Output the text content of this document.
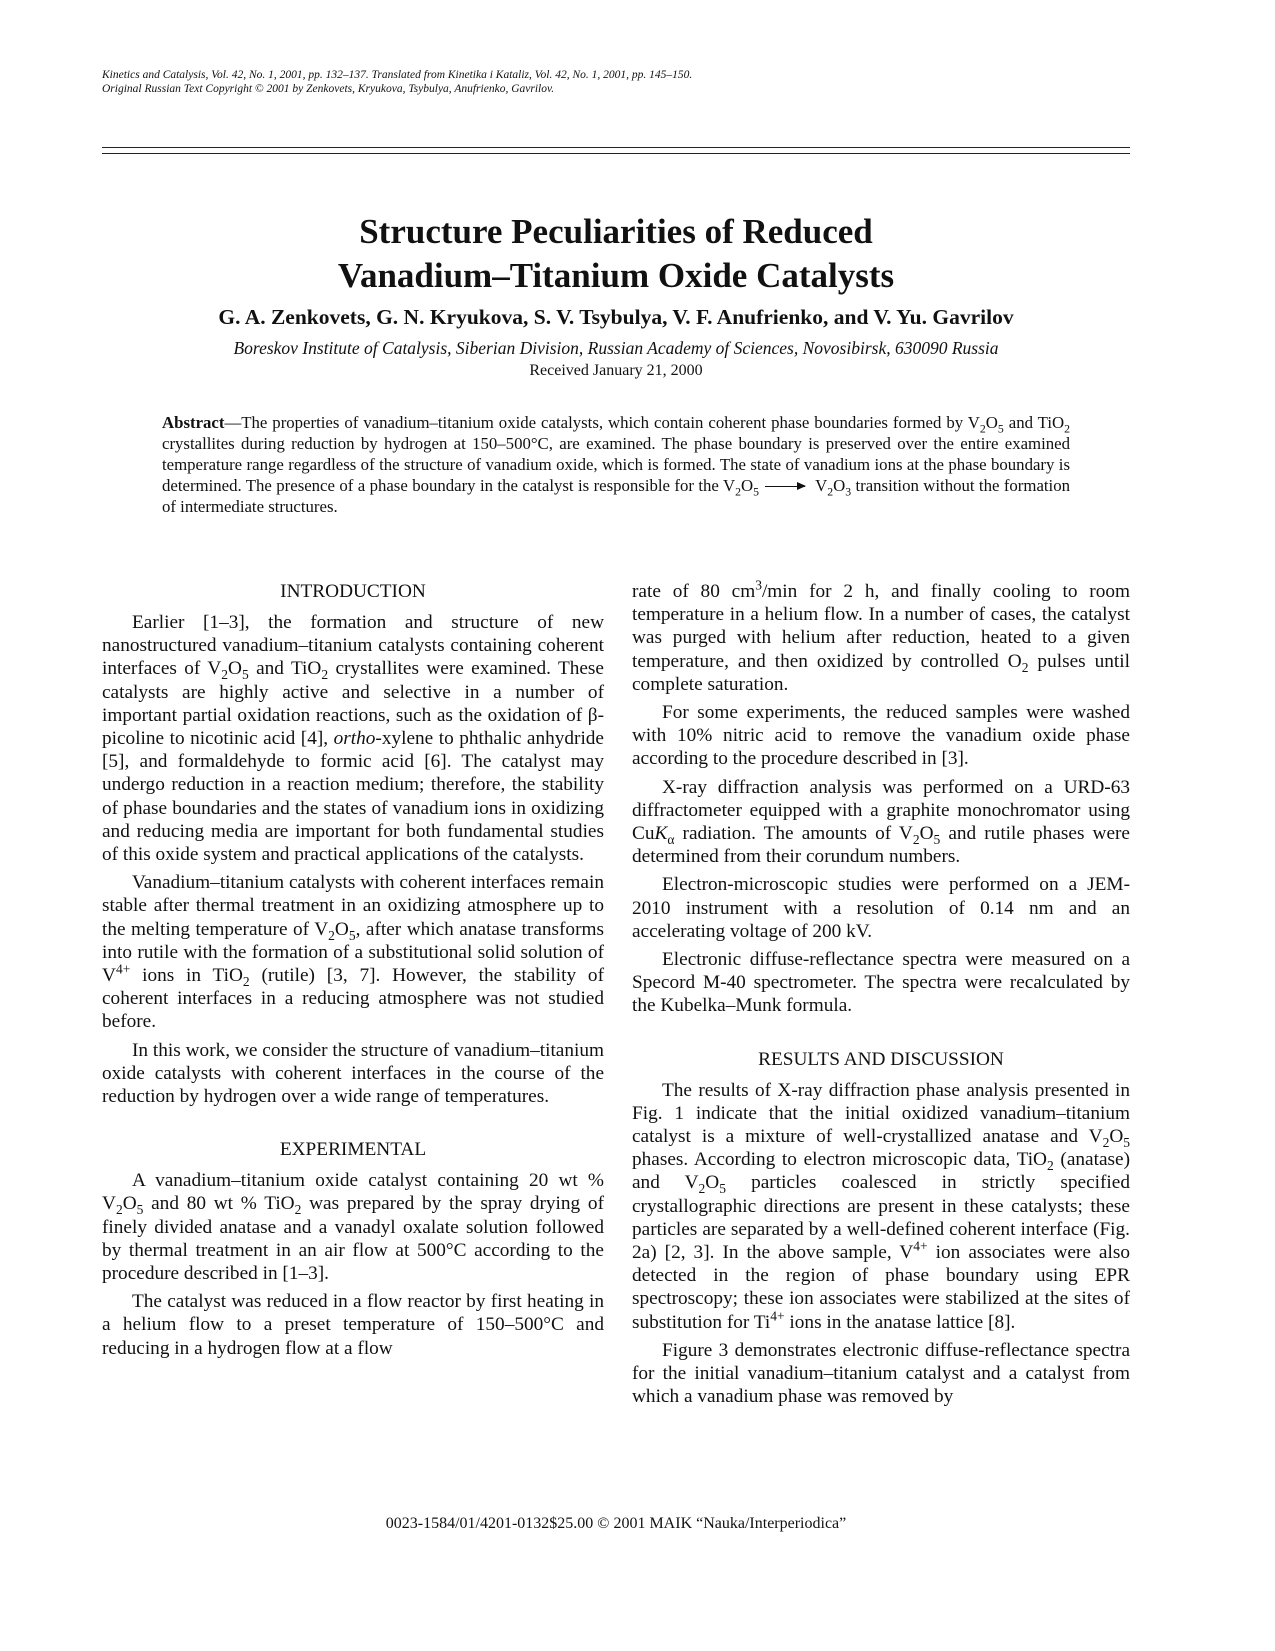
Kinetics and Catalysis, Vol. 42, No. 1, 2001, pp. 132–137. Translated from Kinetika i Kataliz, Vol. 42, No. 1, 2001, pp. 145–150.
Original Russian Text Copyright © 2001 by Zenkovets, Kryukova, Tsybulya, Anufrienko, Gavrilov.
Structure Peculiarities of Reduced
Vanadium–Titanium Oxide Catalysts
G. A. Zenkovets, G. N. Kryukova, S. V. Tsybulya, V. F. Anufrienko, and V. Yu. Gavrilov
Boreskov Institute of Catalysis, Siberian Division, Russian Academy of Sciences, Novosibirsk, 630090 Russia
Received January 21, 2000
Abstract—The properties of vanadium–titanium oxide catalysts, which contain coherent phase boundaries formed by $V_2O_5$ and TiO$_2$ crystallites during reduction by hydrogen at 150–500°C, are examined. The phase boundary is preserved over the entire examined temperature range regardless of the structure of vanadium oxide, which is formed. The state of vanadium ions at the phase boundary is determined. The presence of a phase boundary in the catalyst is responsible for the $V_2O_5 \to V_2O_3$ transition without the formation of intermediate structures.
INTRODUCTION

Earlier [1–3], the formation and structure of new nanostructured vanadium–titanium catalysts containing coherent interfaces of $V_2O_5$ and TiO$_2$ crystallites were examined. These catalysts are highly active and selective in a number of important partial oxidation reactions, such as the oxidation of β-picoline to nicotinic acid [4], ortho-xylene to phthalic anhydride [5], and formaldehyde to formic acid [6]. The catalyst may undergo reduction in a reaction medium; therefore, the stability of phase boundaries and the states of vanadium ions in oxidizing and reducing media are important for both fundamental studies of this oxide system and practical applications of the catalysts.

Vanadium–titanium catalysts with coherent interfaces remain stable after thermal treatment in an oxidizing atmosphere up to the melting temperature of $V_2O_5$, after which anatase transforms into rutile with the formation of a substitutional solid solution of $V^{4+}$ ions in TiO$_2$ (rutile) [3, 7]. However, the stability of coherent interfaces in a reducing atmosphere was not studied before.

In this work, we consider the structure of vanadium–titanium oxide catalysts with coherent interfaces in the course of the reduction by hydrogen over a wide range of temperatures.

EXPERIMENTAL

A vanadium–titanium oxide catalyst containing 20 wt % $V_2O_5$ and 80 wt % TiO$_2$ was prepared by the spray drying of finely divided anatase and a vanadyl oxalate solution followed by thermal treatment in an air flow at 500°C according to the procedure described in [1–3].

The catalyst was reduced in a flow reactor by first heating in a helium flow to a preset temperature of 150–500°C and reducing in a hydrogen flow at a flow

rate of 80 $cm^3/\min$ for 2 h, and finally cooling to room temperature in a helium flow. In a number of cases, the catalyst was purged with helium after reduction, heated to a given temperature, and then oxidized by controlled $O_2$ pulses until complete saturation.

For some experiments, the reduced samples were washed with 10% nitric acid to remove the vanadium oxide phase according to the procedure described in [3].

X-ray diffraction analysis was performed on a URD-63 diffractometer equipped with a graphite monochromator using CuK$_\alpha$ radiation. The amounts of $V_2O_5$ and rutile phases were determined from their corundum numbers.

Electron-microscopic studies were performed on a JEM-2010 instrument with a resolution of 0.14 nm and an accelerating voltage of 200 kV.

Electronic diffuse-reflectance spectra were measured on a Specord M-40 spectrometer. The spectra were recalculated by the Kubelka–Munk formula.

RESULTS AND DISCUSSION

The results of X-ray diffraction phase analysis presented in Fig. 1 indicate that the initial oxidized vanadium–titanium catalyst is a mixture of well-crystallized anatase and $V_2O_5$ phases. According to electron microscopic data, TiO$_2$ (anatase) and $V_2O_5$ particles coalesced in strictly specified crystallographic directions are present in these catalysts; these particles are separated by a well-defined coherent interface (Fig. 2a) [2, 3]. In the above sample, $V^{4+}$ ion associates were also detected in the region of phase boundary using EPR spectroscopy; these ion associates were stabilized at the sites of substitution for $Ti^{4+}$ ions in the anatase lattice [8].

Figure 3 demonstrates electronic diffuse-reflectance spectra for the initial vanadium–titanium catalyst and a catalyst from which a vanadium phase was removed by

0023-1584/01/4201-0132$25.00 © 2001 MAIK “Nauka/Interperiodica”
